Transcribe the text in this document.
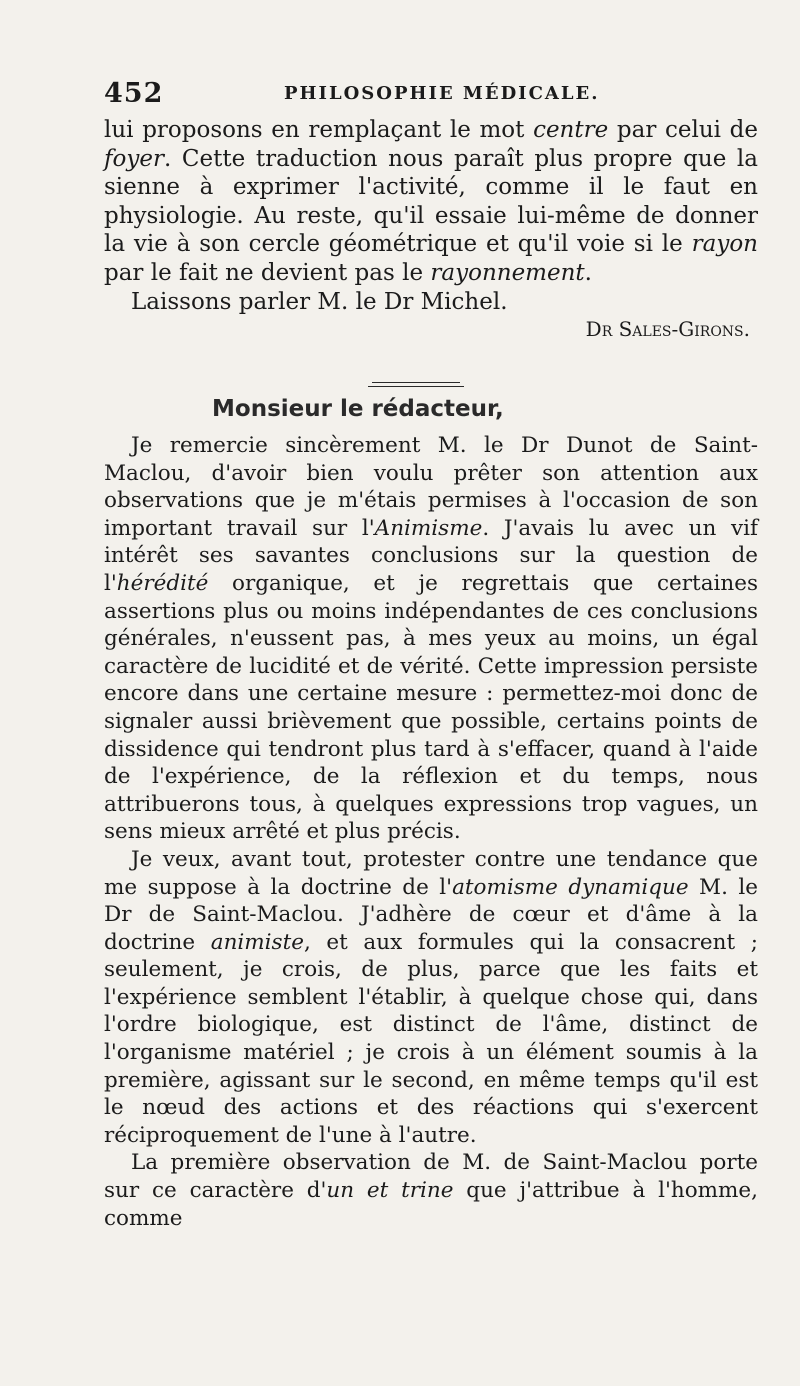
452	PHILOSOPHIE MÉDICALE.

lui proposons en remplaçant le mot centre par celui de foyer. Cette traduction nous paraît plus propre que la sienne à exprimer l'activité, comme il le faut en physiologie. Au reste, qu'il essaie lui-même de donner la vie à son cercle géométrique et qu'il voie si le rayon par le fait ne devient pas le rayonnement.

Laissons parler M. le Dr Michel.

Dr Sales-Girons.

Monsieur le rédacteur,

Je remercie sincèrement M. le Dr Dunot de Saint-Maclou, d'avoir bien voulu prêter son attention aux observations que je m'étais permises à l'occasion de son important travail sur l'Animisme. J'avais lu avec un vif intérêt ses savantes conclusions sur la question de l'hérédité organique, et je regrettais que certaines assertions plus ou moins indépendantes de ces conclusions générales, n'eussent pas, à mes yeux au moins, un égal caractère de lucidité et de vérité. Cette impression persiste encore dans une certaine mesure : permettez-moi donc de signaler aussi brièvement que possible, certains points de dissidence qui tendront plus tard à s'effacer, quand à l'aide de l'expérience, de la réflexion et du temps, nous attribuerons tous, à quelques expressions trop vagues, un sens mieux arrêté et plus précis.

Je veux, avant tout, protester contre une tendance que me suppose à la doctrine de l'atomisme dynamique M. le Dr de Saint-Maclou. J'adhère de cœur et d'âme à la doctrine animiste, et aux formules qui la consacrent ; seulement, je crois, de plus, parce que les faits et l'expérience semblent l'établir, à quelque chose qui, dans l'ordre biologique, est distinct de l'âme, distinct de l'organisme matériel ; je crois à un élément soumis à la première, agissant sur le second, en même temps qu'il est le nœud des actions et des réactions qui s'exercent réciproquement de l'une à l'autre.

La première observation de M. de Saint-Maclou porte sur ce caractère d'un et trine que j'attribue à l'homme, comme
